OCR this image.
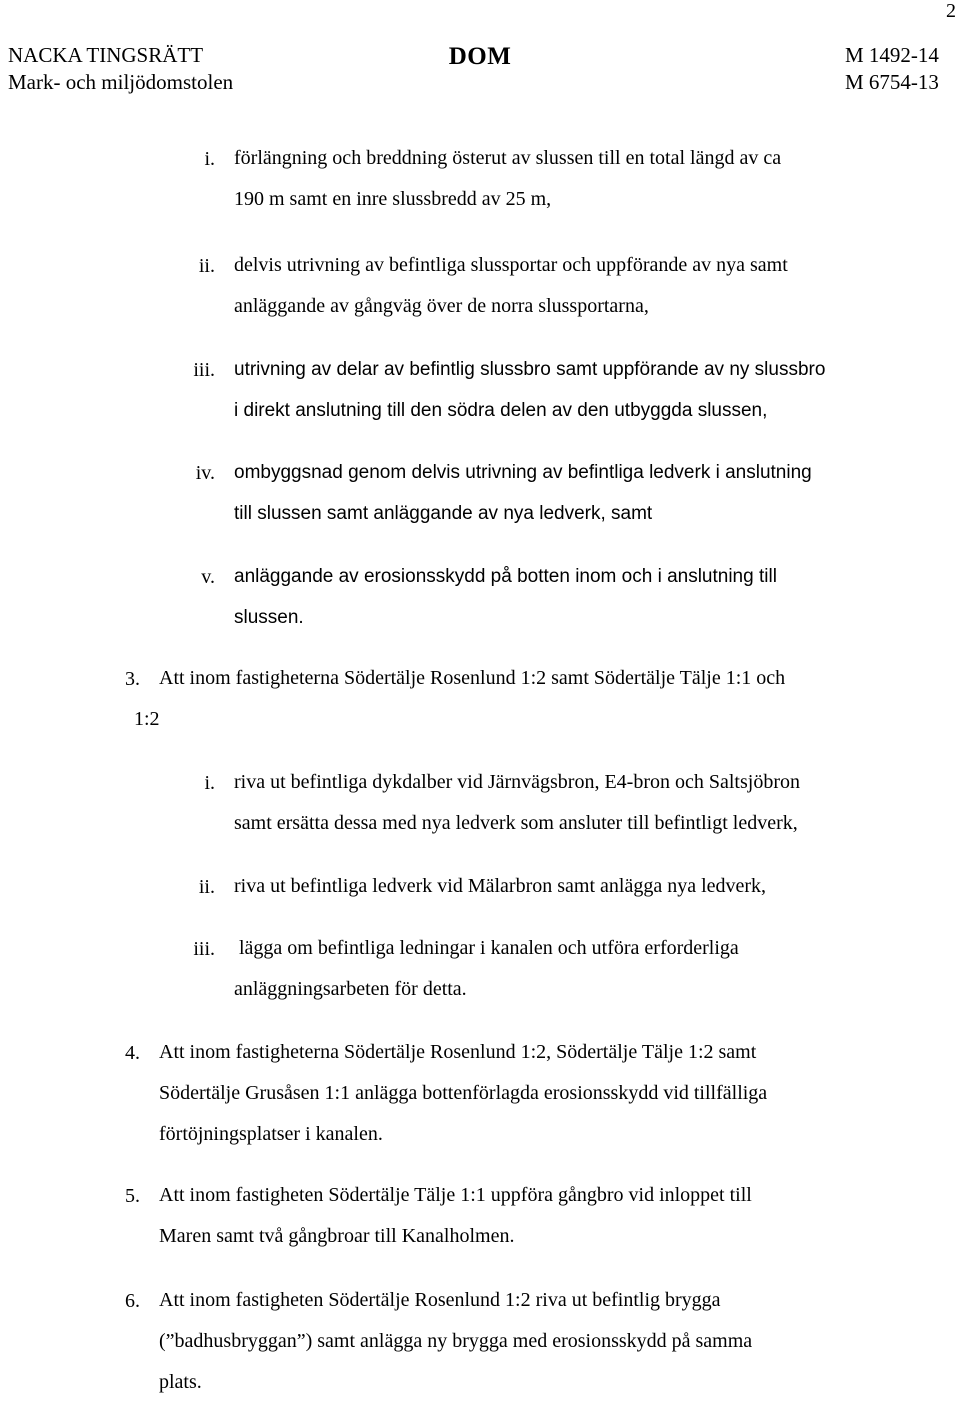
2
NACKA TINGSRÄTT
Mark- och miljödomstolen
DOM	M 1492-14
M 6754-13
i. förlängning och breddning österut av slussen till en total längd av ca
190 m samt en inre slussbredd av 25 m,
ii. delvis utrivning av befintliga slussportar och uppförande av nya samt
anläggande av gångväg över de norra slussportarna,
iii. utrivning av delar av befintlig slussbro samt uppförande av ny slussbro
i direkt anslutning till den södra delen av den utbyggda slussen,
iv. ombyggsnad genom delvis utrivning av befintliga ledverk i anslutning
till slussen samt anläggande av nya ledverk, samt
v. anläggande av erosionsskydd på botten inom och i anslutning till
slussen.
3. Att inom fastigheterna Södertälje Rosenlund 1:2 samt Södertälje Tälje 1:1 och
1:2
i. riva ut befintliga dykdalber vid Järnvägsbron, E4-bron och Saltsjöbron
samt ersätta dessa med nya ledverk som ansluter till befintligt ledverk,
ii. riva ut befintliga ledverk vid Mälarbron samt anlägga nya ledverk,
iii. lägga om befintliga ledningar i kanalen och utföra erforderliga
anläggningsarbeten för detta.
4. Att inom fastigheterna Södertälje Rosenlund 1:2, Södertälje Tälje 1:2 samt
Södertälje Grusåsen 1:1 anlägga bottenförlagda erosionsskydd vid tillfälliga
förtöjningsplatser i kanalen.
5. Att inom fastigheten Södertälje Tälje 1:1 uppföra gångbro vid inloppet till
Maren samt två gångbroar till Kanalholmen.
6. Att inom fastigheten Södertälje Rosenlund 1:2 riva ut befintlig brygga
(”badhusbryggan”) samt anlägga ny brygga med erosionsskydd på samma
plats.
